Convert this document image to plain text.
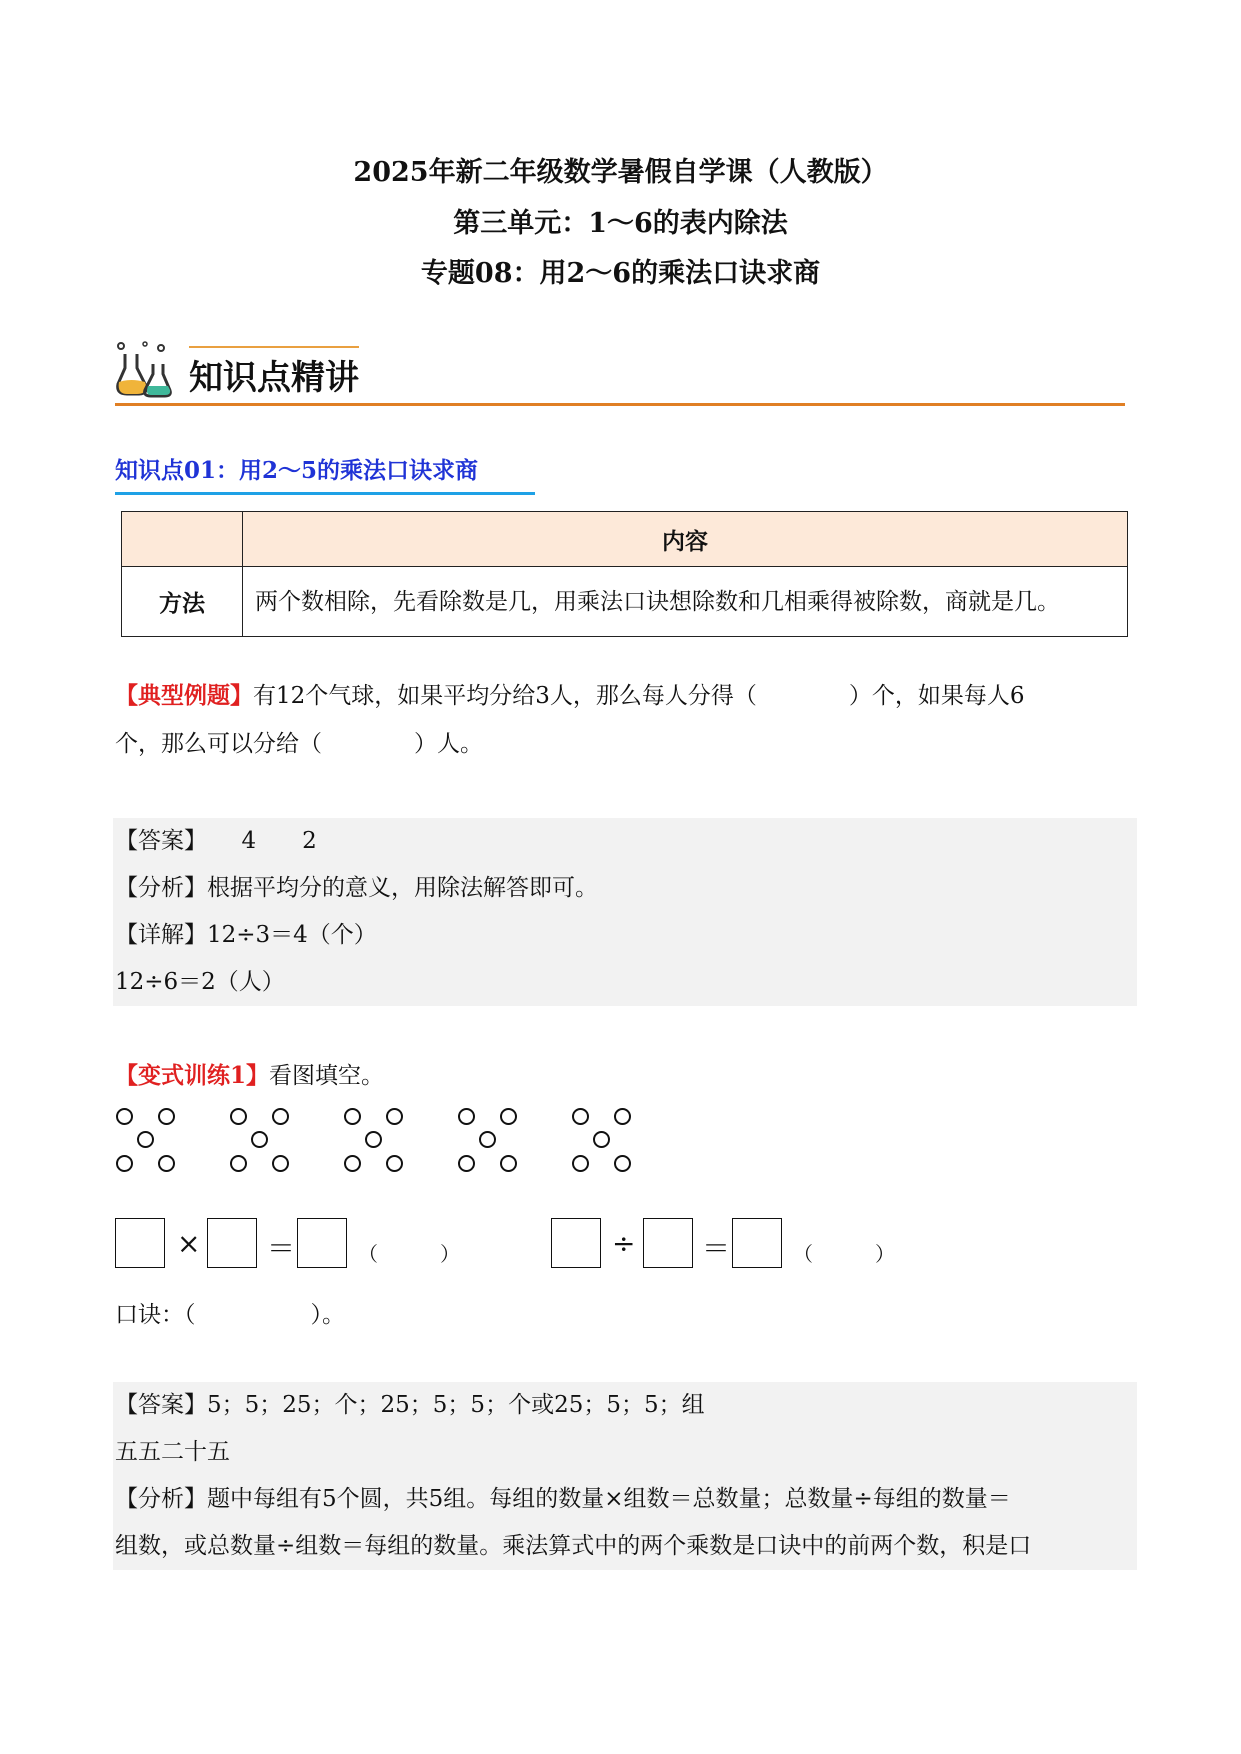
2025年新二年级数学暑假自学课（人教版）
第三单元：1～6的表内除法
专题08：用2～6的乘法口诀求商
知识点精讲
知识点01：用2～5的乘法口诀求商
	内容
方法	两个数相除，先看除数是几，用乘法口诀想除数和几相乘得被除数，商就是几。
【典型例题】有12个气球，如果平均分给3人，那么每人分得（　　　　）个，如果每人6
个，那么可以分给（　　　　）人。
【答案】　　4　　2
【分析】根据平均分的意义，用除法解答即可。
【详解】12÷3＝4（个）
12÷6＝2（人）
【变式训练1】看图填空。
× ＝	（	）	÷ ＝	（	）
口诀：（　　　　　）。
【答案】5；5；25；个；25；5；5；个或25；5；5；组
五五二十五
【分析】题中每组有5个圆，共5组。每组的数量×组数＝总数量；总数量÷每组的数量＝
组数，或总数量÷组数＝每组的数量。乘法算式中的两个乘数是口诀中的前两个数，积是口
